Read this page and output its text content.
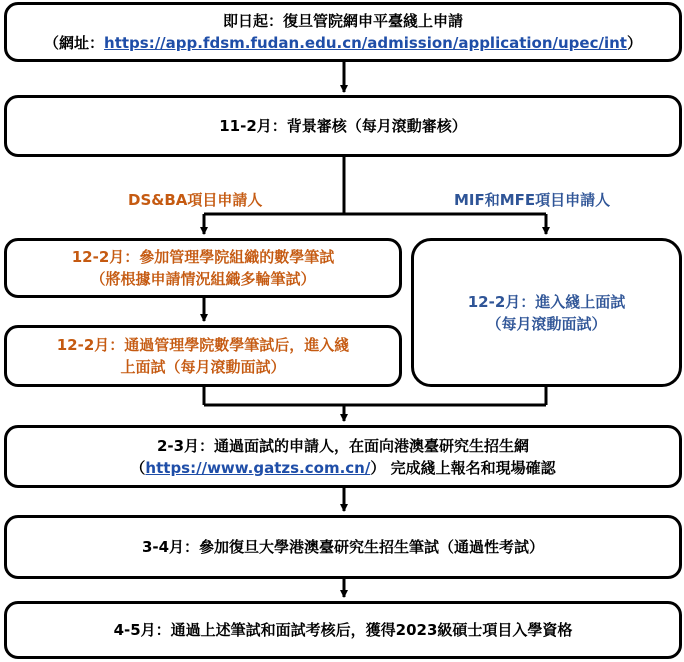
即日起：復旦管院網申平臺綫上申請
（網址：https://app.fdsm.fudan.edu.cn/admission/application/upec/int）
11-2月：背景審核（每月滾動審核）
DS&BA項目申請人	MIF和MFE項目申請人
12-2月：參加管理學院組織的數學筆試
（將根據申請情況組織多輪筆試）
12-2月：通過管理學院數學筆試后，進入綫
上面試（每月滾動面試）
12-2月：進入綫上面試
（每月滾動面試）
2-3月：通過面試的申請人，在面向港澳臺研究生招生網
（https://www.gatzs.com.cn/） 完成綫上報名和現場確認
3-4月：參加復旦大學港澳臺研究生招生筆試（通過性考試）
4-5月：通過上述筆試和面試考核后，獲得2023級碩士項目入學資格
